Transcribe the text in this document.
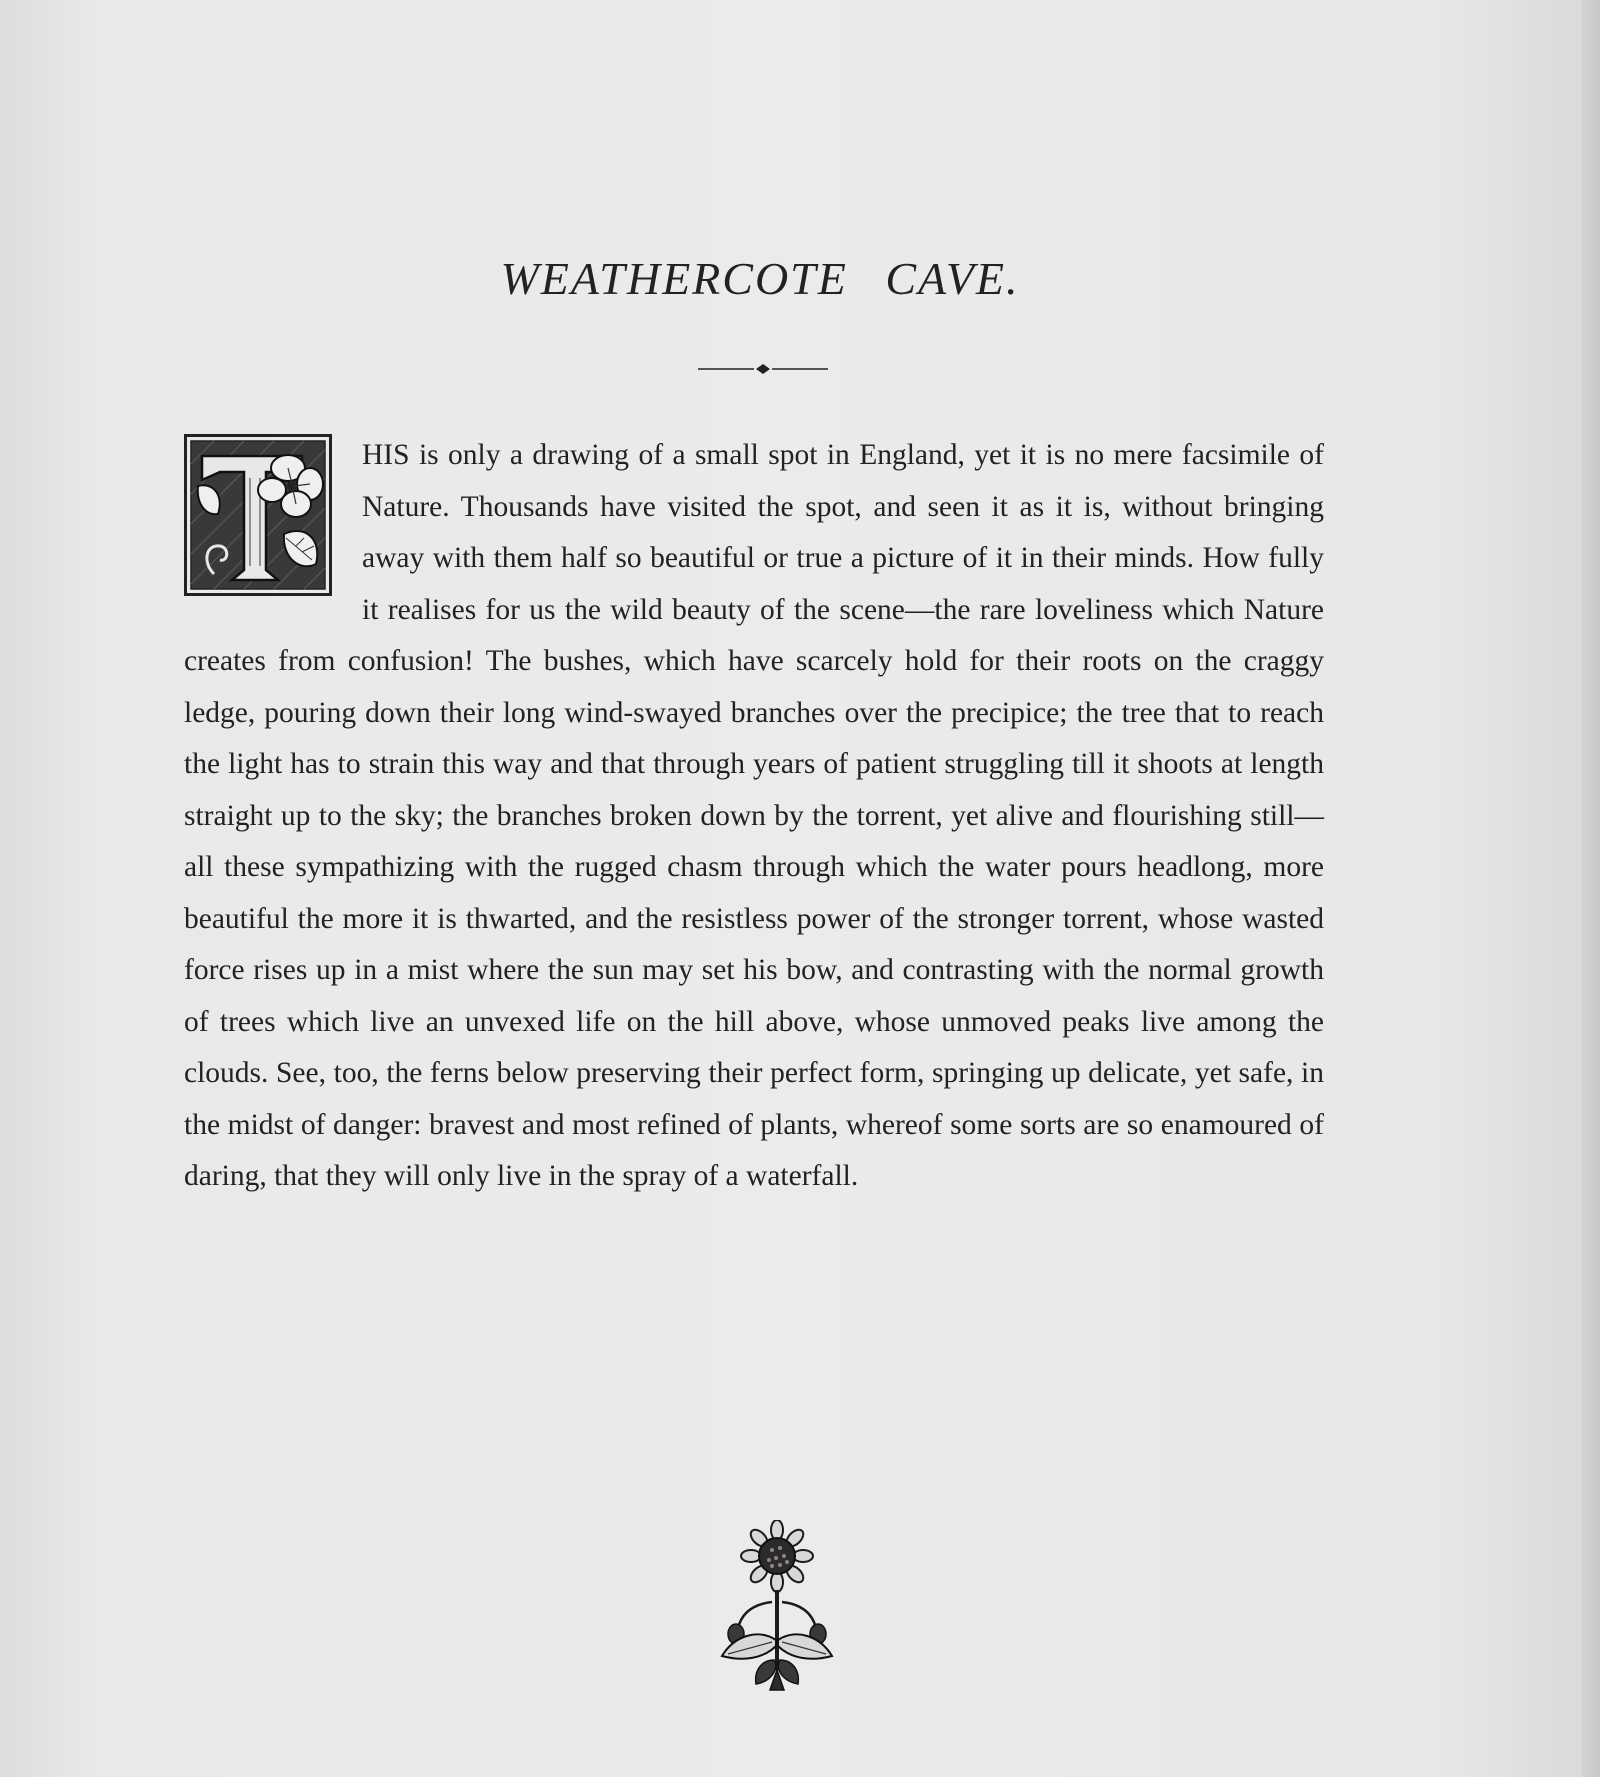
WEATHERCOTE CAVE.

HIS is only a drawing of a small spot in England, yet it is no mere facsimile of Nature. Thousands have visited the spot, and seen it as it is, without bringing away with them half so beautiful or true a picture of it in their minds. How fully it realises for us the wild beauty of the scene—the rare loveliness which Nature creates from confusion! The bushes, which have scarcely hold for their roots on the craggy ledge, pouring down their long wind-swayed branches over the precipice; the tree that to reach the light has to strain this way and that through years of patient struggling till it shoots at length straight up to the sky; the branches broken down by the torrent, yet alive and flourishing still—all these sympathizing with the rugged chasm through which the water pours headlong, more beautiful the more it is thwarted, and the resistless power of the stronger torrent, whose wasted force rises up in a mist where the sun may set his bow, and contrasting with the normal growth of trees which live an unvexed life on the hill above, whose unmoved peaks live among the clouds. See, too, the ferns below preserving their perfect form, springing up delicate, yet safe, in the midst of danger: bravest and most refined of plants, whereof some sorts are so enamoured of daring, that they will only live in the spray of a waterfall.
